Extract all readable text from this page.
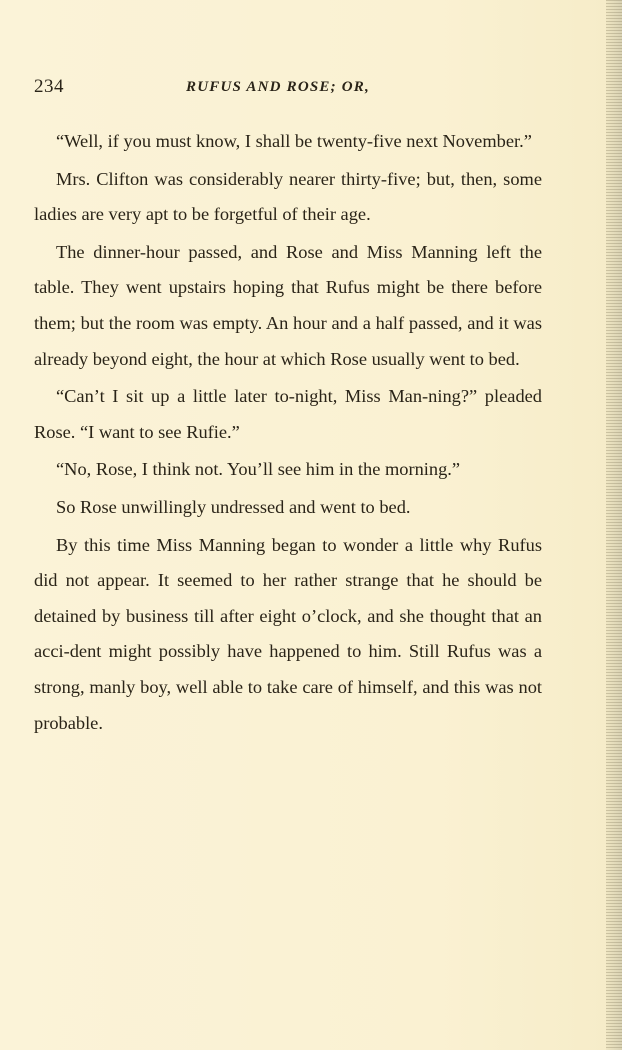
234	RUFUS AND ROSE; OR,

“Well, if you must know, I shall be twenty-five next November.”

Mrs. Clifton was considerably nearer thirty-five; but, then, some ladies are very apt to be forgetful of their age.

The dinner-hour passed, and Rose and Miss Manning left the table. They went upstairs hoping that Rufus might be there before them; but the room was empty. An hour and a half passed, and it was already beyond eight, the hour at which Rose usually went to bed.

“Can’t I sit up a little later to-night, Miss Man-ning?” pleaded Rose. “I want to see Rufie.”

“No, Rose, I think not. You’ll see him in the morning.”

So Rose unwillingly undressed and went to bed.

By this time Miss Manning began to wonder a little why Rufus did not appear. It seemed to her rather strange that he should be detained by business till after eight o’clock, and she thought that an acci-dent might possibly have happened to him. Still Rufus was a strong, manly boy, well able to take care of himself, and this was not probable.
